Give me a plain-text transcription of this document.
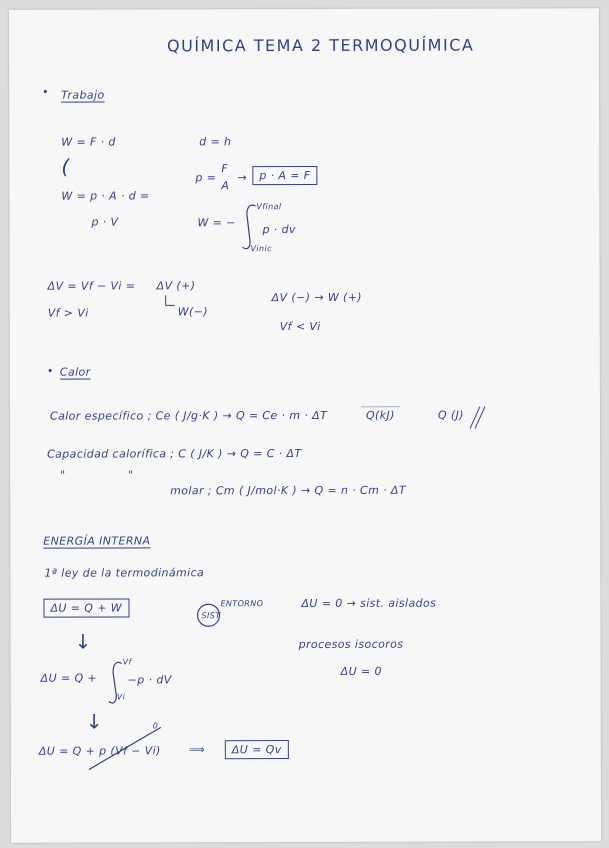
QUÍMICA TEMA 2 TERMOQUÍMICA
• Trabajo
W = F · d	d = h
(	p =
F
A
→	p · A = F
W = p · A · d =
p · V	W = −
Vfinal
Vinic
p · dv
ΔV = Vf − Vi = ΔV (+)
W(−)
Vf > Vi
ΔV (−) → W (+)
Vf < Vi
• Calor
Calor específico ; Ce ( J/g·K ) → Q = Ce · m · ΔT	Q(kJ)	Q (J)
Capacidad calorífica ; C ( J/K ) → Q = C · ΔT
"	"
molar ; Cm ( J/mol·K ) → Q = n · Cm · ΔT
ENERGÍA INTERNA
1ª ley de la termodinámica
ΔU = Q + W
SIST
ENTORNO	ΔU = 0 → sist. aislados
↓	procesos isocoros
ΔU = 0
ΔU = Q +
Vf
Vi
−p · dV
↓	0
ΔU = Q + p (Vf − Vi)	⟹	ΔU = Qv
